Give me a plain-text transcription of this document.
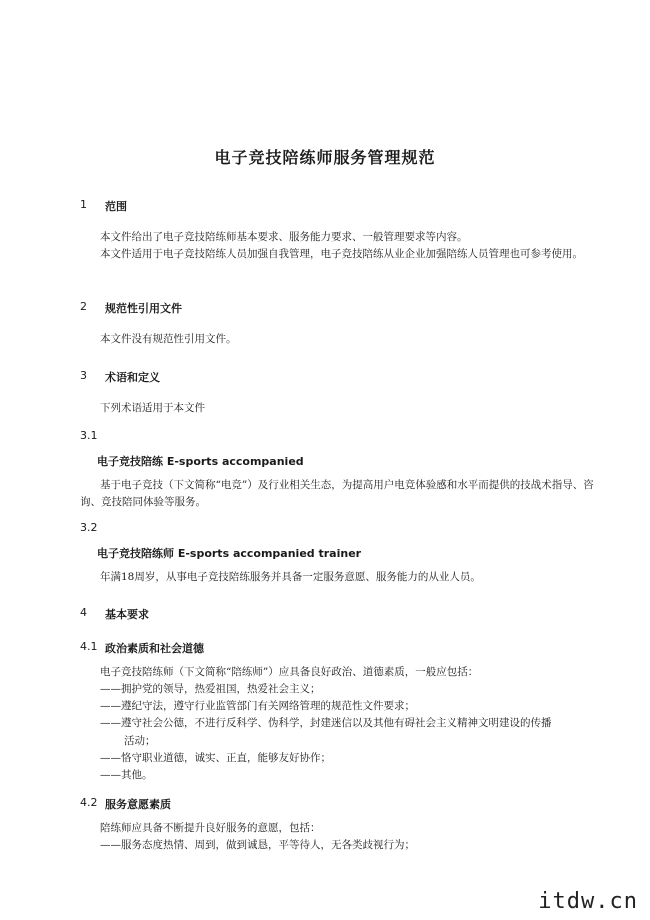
电子竞技陪练师服务管理规范
1 范围
本文件给出了电子竞技陪练师基本要求、服务能力要求、一般管理要求等内容。
本文件适用于电子竞技陪练人员加强自我管理，电子竞技陪练从业企业加强陪练人员管理也可参考使用。
2 规范性引用文件
本文件没有规范性引用文件。
3 术语和定义
下列术语适用于本文件
3.1
电子竞技陪练 E-sports accompanied
基于电子竞技（下文简称“电竞”）及行业相关生态，为提高用户电竞体验感和水平而提供的技战术指导、咨询、竞技陪同体验等服务。
3.2
电子竞技陪练师 E-sports accompanied trainer
年满18周岁，从事电子竞技陪练服务并具备一定服务意愿、服务能力的从业人员。
4 基本要求
4.1 政治素质和社会道德
电子竞技陪练师（下文简称“陪练师”）应具备良好政治、道德素质，一般应包括：
——拥护党的领导，热爱祖国，热爱社会主义；
——遵纪守法，遵守行业监管部门有关网络管理的规范性文件要求；
——遵守社会公德，不进行反科学、伪科学，封建迷信以及其他有碍社会主义精神文明建设的传播
活动；
——恪守职业道德，诚实、正直，能够友好协作；
——其他。
4.2 服务意愿素质
陪练师应具备不断提升良好服务的意愿，包括：
——服务态度热情、周到，做到诚恳，平等待人，无各类歧视行为；
itdw.cn
